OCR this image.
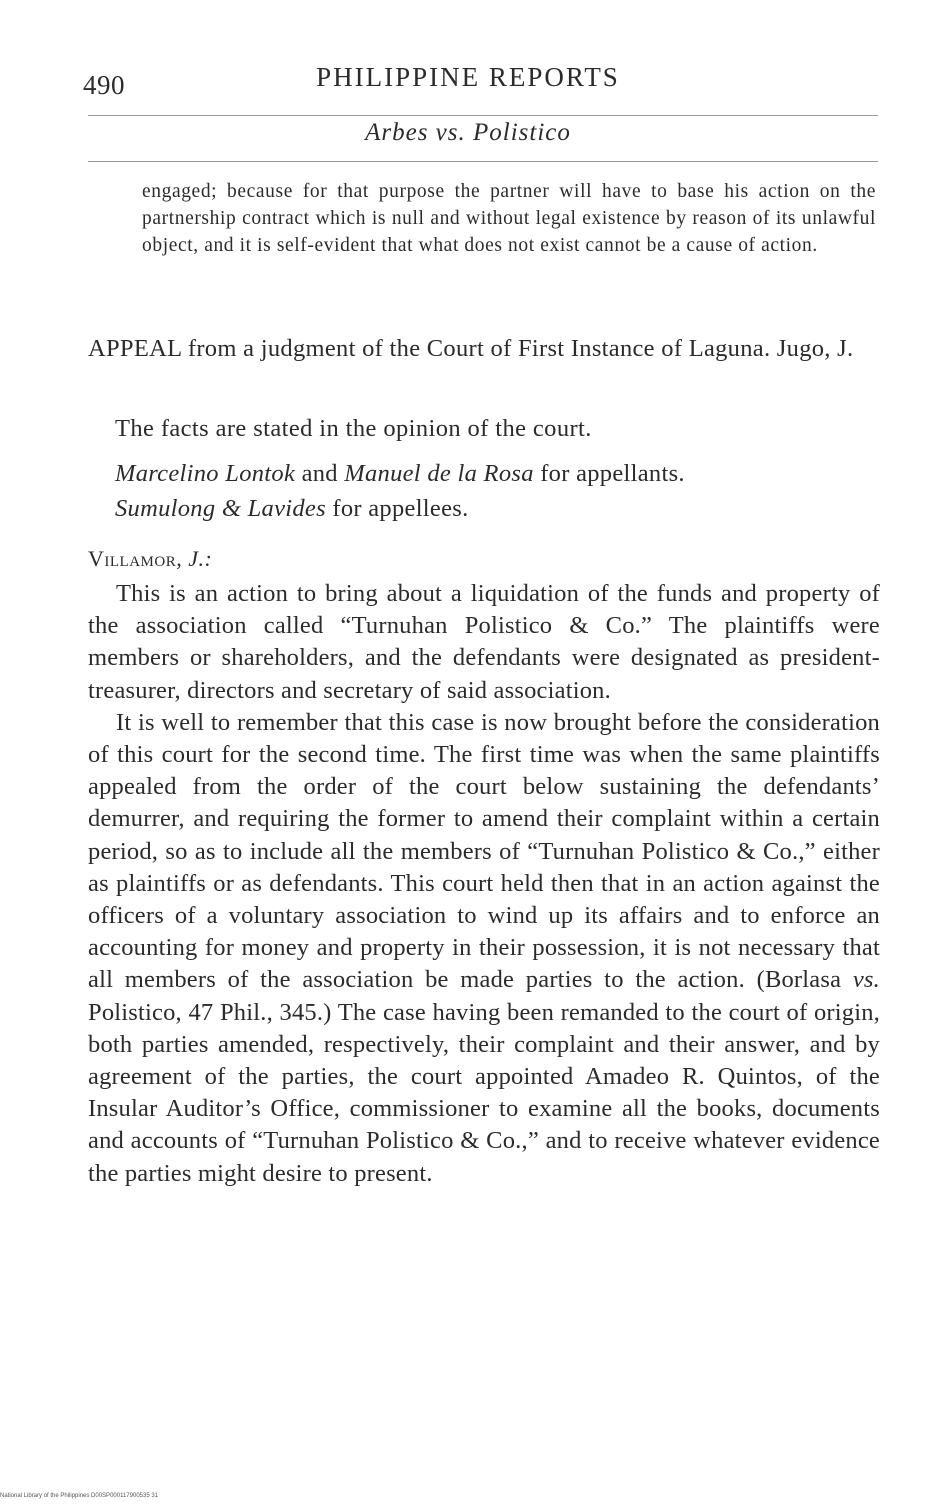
490	PHILIPPINE REPORTS
Arbes vs. Polistico
engaged; because for that purpose the partner will have to base his action on the partnership contract which is null and without legal existence by reason of its unlawful object, and it is self-evident that what does not exist cannot be a cause of action.
APPEAL from a judgment of the Court of First Instance of Laguna. Jugo, J.
The facts are stated in the opinion of the court.
Marcelino Lontok and Manuel de la Rosa for appellants.
Sumulong & Lavides for appellees.
Villamor, J.:

This is an action to bring about a liquidation of the funds and property of the association called “Turnuhan Polistico & Co.” The plaintiffs were members or shareholders, and the defendants were designated as president-treasurer, directors and secretary of said association.

It is well to remember that this case is now brought before the consideration of this court for the second time. The first time was when the same plaintiffs appealed from the order of the court below sustaining the defendants’ demurrer, and requiring the former to amend their complaint within a certain period, so as to include all the members of “Turnuhan Polistico & Co.,” either as plaintiffs or as defendants. This court held then that in an action against the officers of a voluntary association to wind up its affairs and to enforce an accounting for money and property in their possession, it is not necessary that all members of the association be made parties to the action. (Borlasa vs. Polistico, 47 Phil., 345.) The case having been remanded to the court of origin, both parties amended, respectively, their complaint and their answer, and by agreement of the parties, the court appointed Amadeo R. Quintos, of the Insular Auditor’s Office, commissioner to examine all the books, documents and accounts of “Turnuhan Polistico & Co.,” and to receive whatever evidence the parties might desire to present.

National Library of the Philippines D00SP000117900535 31
